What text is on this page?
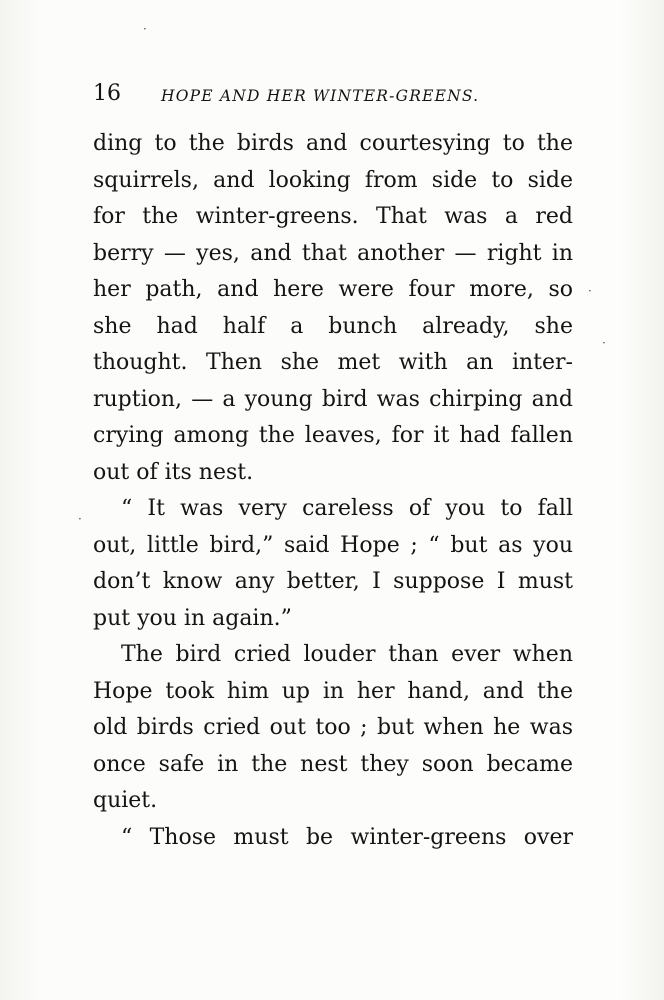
·
·
·
·
16	HOPE AND HER WINTER-GREENS.
ding to the birds and courtesying to the
squirrels, and looking from side to side
for the winter-greens. That was a red
berry — yes, and that another — right in
her path, and here were four more, so
she had half a bunch already, she
thought. Then she met with an inter-
ruption, — a young bird was chirping and
crying among the leaves, for it had fallen
out of its nest.
“ It was very careless of you to fall
out, little bird,” said Hope ; “ but as you
don’t know any better, I suppose I must
put you in again.”
The bird cried louder than ever when
Hope took him up in her hand, and the
old birds cried out too ; but when he was
once safe in the nest they soon became
quiet.
“ Those must be winter-greens over
